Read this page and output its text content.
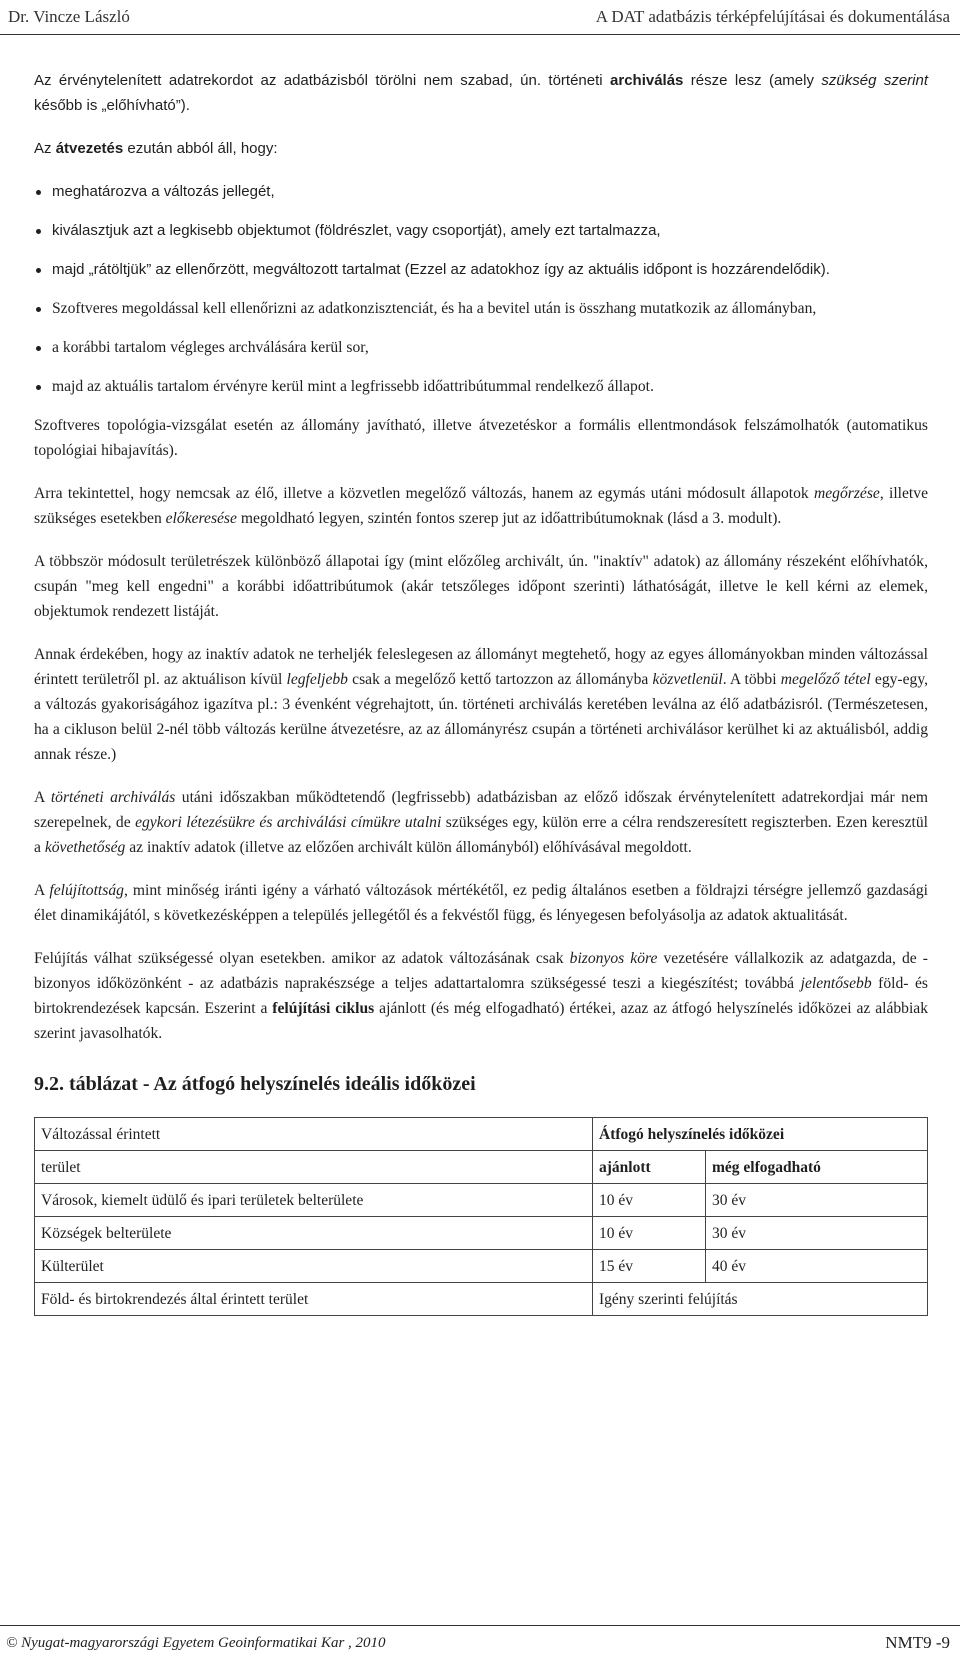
Dr. Vincze László	A DAT adatbázis térképfelújításai és dokumentálása

Az érvénytelenített adatrekordot az adatbázisból törölni nem szabad, ún. történeti archiválás része lesz (amely szükség szerint később is „előhívható”).

Az átvezetés ezután abból áll, hogy:

meghatározva a változás jellegét,
kiválasztjuk azt a legkisebb objektumot (földrészlet, vagy csoportját), amely ezt tartalmazza,
majd „rátöltjük” az ellenőrzött, megváltozott tartalmat (Ezzel az adatokhoz így az aktuális időpont is hozzárendelődik).
Szoftveres megoldással kell ellenőrizni az adatkonzisztenciát, és ha a bevitel után is összhang mutatkozik az állományban,
a korábbi tartalom végleges archválására kerül sor,
majd az aktuális tartalom érvényre kerül mint a legfrissebb időattribútummal rendelkező állapot.

Szoftveres topológia-vizsgálat esetén az állomány javítható, illetve átvezetéskor a formális ellentmondások felszámolhatók (automatikus topológiai hibajavítás).

Arra tekintettel, hogy nemcsak az élő, illetve a közvetlen megelőző változás, hanem az egymás utáni módosult állapotok megőrzése, illetve szükséges esetekben előkeresése megoldható legyen, szintén fontos szerep jut az időattribútumoknak (lásd a 3. modult).

A többször módosult területrészek különböző állapotai így (mint előzőleg archivált, ún. "inaktív" adatok) az állomány részeként előhívhatók, csupán "meg kell engedni" a korábbi időattribútumok (akár tetszőleges időpont szerinti) láthatóságát, illetve le kell kérni az elemek, objektumok rendezett listáját.

Annak érdekében, hogy az inaktív adatok ne terheljék feleslegesen az állományt megtehető, hogy az egyes állományokban minden változással érintett területről pl. az aktuálison kívül legfeljebb csak a megelőző kettő tartozzon az állományba közvetlenül. A többi megelőző tétel egy-egy, a változás gyakoriságához igazítva pl.: 3 évenként végrehajtott, ún. történeti archiválás keretében leválna az élő adatbázisról. (Természetesen, ha a cikluson belül 2-nél több változás kerülne átvezetésre, az az állományrész csupán a történeti archiválásor kerülhet ki az aktuálisból, addig annak része.)

A történeti archiválás utáni időszakban működtetendő (legfrissebb) adatbázisban az előző időszak érvénytelenített adatrekordjai már nem szerepelnek, de egykori létezésükre és archiválási címükre utalni szükséges egy, külön erre a célra rendszeresített regiszterben. Ezen keresztül a követhetőség az inaktív adatok (illetve az előzően archivált külön állományból) előhívásával megoldott.

A felújítottság, mint minőség iránti igény a várható változások mértékétől, ez pedig általános esetben a földrajzi térségre jellemző gazdasági élet dinamikájától, s következésképpen a település jellegétől és a fekvéstől függ, és lényegesen befolyásolja az adatok aktualitását.

Felújítás válhat szükségessé olyan esetekben. amikor az adatok változásának csak bizonyos köre vezetésére vállalkozik az adatgazda, de - bizonyos időközönként - az adatbázis naprakészsége a teljes adattartalomra szükségessé teszi a kiegészítést; továbbá jelentősebb föld- és birtokrendezések kapcsán. Eszerint a felújítási ciklus ajánlott (és még elfogadható) értékei, azaz az átfogó helyszínelés időközei az alábbiak szerint javasolhatók.

9.2. táblázat - Az átfogó helyszínelés ideális időközei
Változással érintett	Átfogó helyszínelés időközei	
terület	ajánlott	még elfogadható
Városok, kiemelt üdülő és ipari területek belterülete	10 év	30 év
Községek belterülete	10 év	30 év
Külterület	15 év	40 év
Föld- és birtokrendezés által érintett terület	Igény szerinti felújítás	
© Nyugat-magyarországi Egyetem Geoinformatikai Kar , 2010	NMT9 -9
